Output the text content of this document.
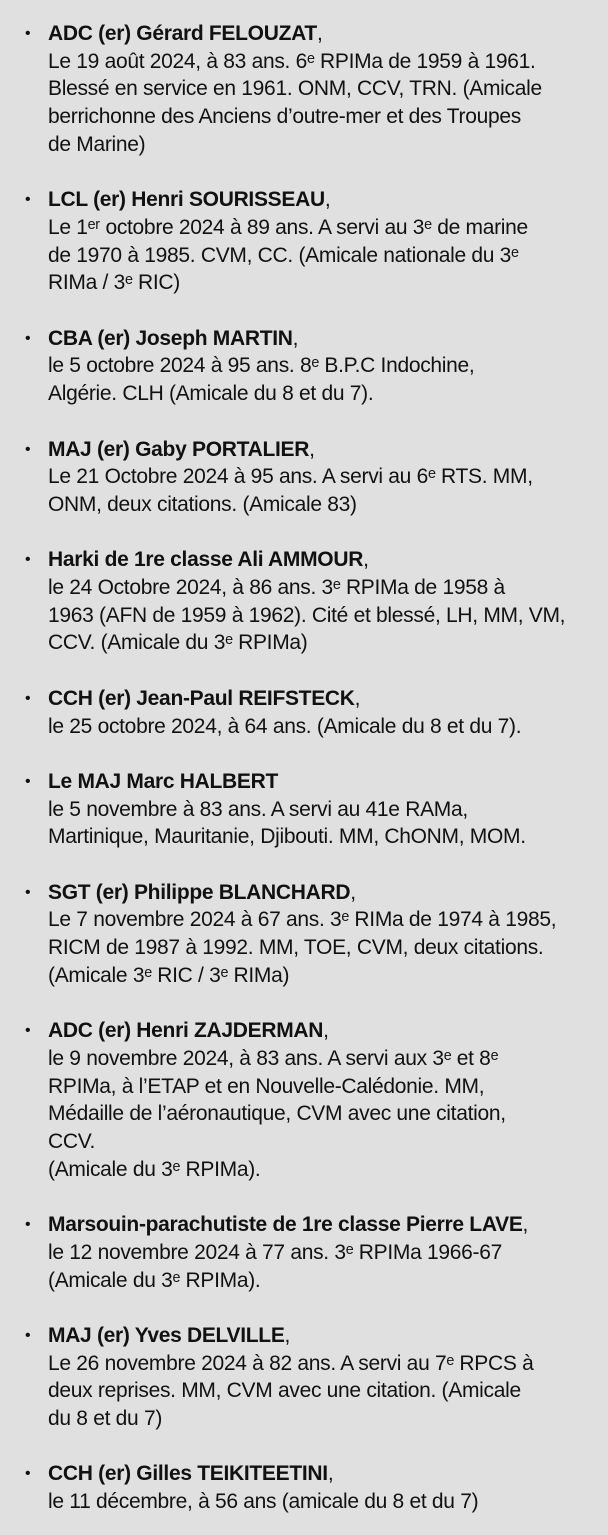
• ADC (er) Gérard FELOUZAT,
Le 19 août 2024, à 83 ans. 6ᵉ RPIMa de 1959 à 1961.
Blessé en service en 1961. ONM, CCV, TRN. (Amicale
berrichonne des Anciens d’outre-mer et des Troupes
de Marine)
• LCL (er) Henri SOURISSEAU,
Le 1ᵉʳ octobre 2024 à 89 ans. A servi au 3ᵉ de marine
de 1970 à 1985. CVM, CC. (Amicale nationale du 3ᵉ
RIMa / 3ᵉ RIC)
• CBA (er) Joseph MARTIN,
le 5 octobre 2024 à 95 ans. 8ᵉ B.P.C Indochine,
Algérie. CLH (Amicale du 8 et du 7).
• MAJ (er) Gaby PORTALIER,
Le 21 Octobre 2024 à 95 ans. A servi au 6ᵉ RTS. MM,
ONM, deux citations. (Amicale 83)
• Harki de 1re classe Ali AMMOUR,
le 24 Octobre 2024, à 86 ans. 3ᵉ RPIMa de 1958 à
1963 (AFN de 1959 à 1962). Cité et blessé, LH, MM, VM,
CCV. (Amicale du 3ᵉ RPIMa)
• CCH (er) Jean-Paul REIFSTECK,
le 25 octobre 2024, à 64 ans. (Amicale du 8 et du 7).
• Le MAJ Marc HALBERT
le 5 novembre à 83 ans. A servi au 41e RAMa,
Martinique, Mauritanie, Djibouti. MM, ChONM, MOM.
• SGT (er) Philippe BLANCHARD,
Le 7 novembre 2024 à 67 ans. 3ᵉ RIMa de 1974 à 1985,
RICM de 1987 à 1992. MM, TOE, CVM, deux citations.
(Amicale 3ᵉ RIC / 3ᵉ RIMa)
• ADC (er) Henri ZAJDERMAN,
le 9 novembre 2024, à 83 ans. A servi aux 3ᵉ et 8ᵉ
RPIMa, à l’ETAP et en Nouvelle-Calédonie. MM,
Médaille de l’aéronautique, CVM avec une citation,
CCV.
(Amicale du 3ᵉ RPIMa).
• Marsouin-parachutiste de 1re classe Pierre LAVE,
le 12 novembre 2024 à 77 ans. 3ᵉ RPIMa 1966-67
(Amicale du 3ᵉ RPIMa).
• MAJ (er) Yves DELVILLE,
Le 26 novembre 2024 à 82 ans. A servi au 7ᵉ RPCS à
deux reprises. MM, CVM avec une citation. (Amicale
du 8 et du 7)
• CCH (er) Gilles TEIKITEETINI,
le 11 décembre, à 56 ans (amicale du 8 et du 7)
